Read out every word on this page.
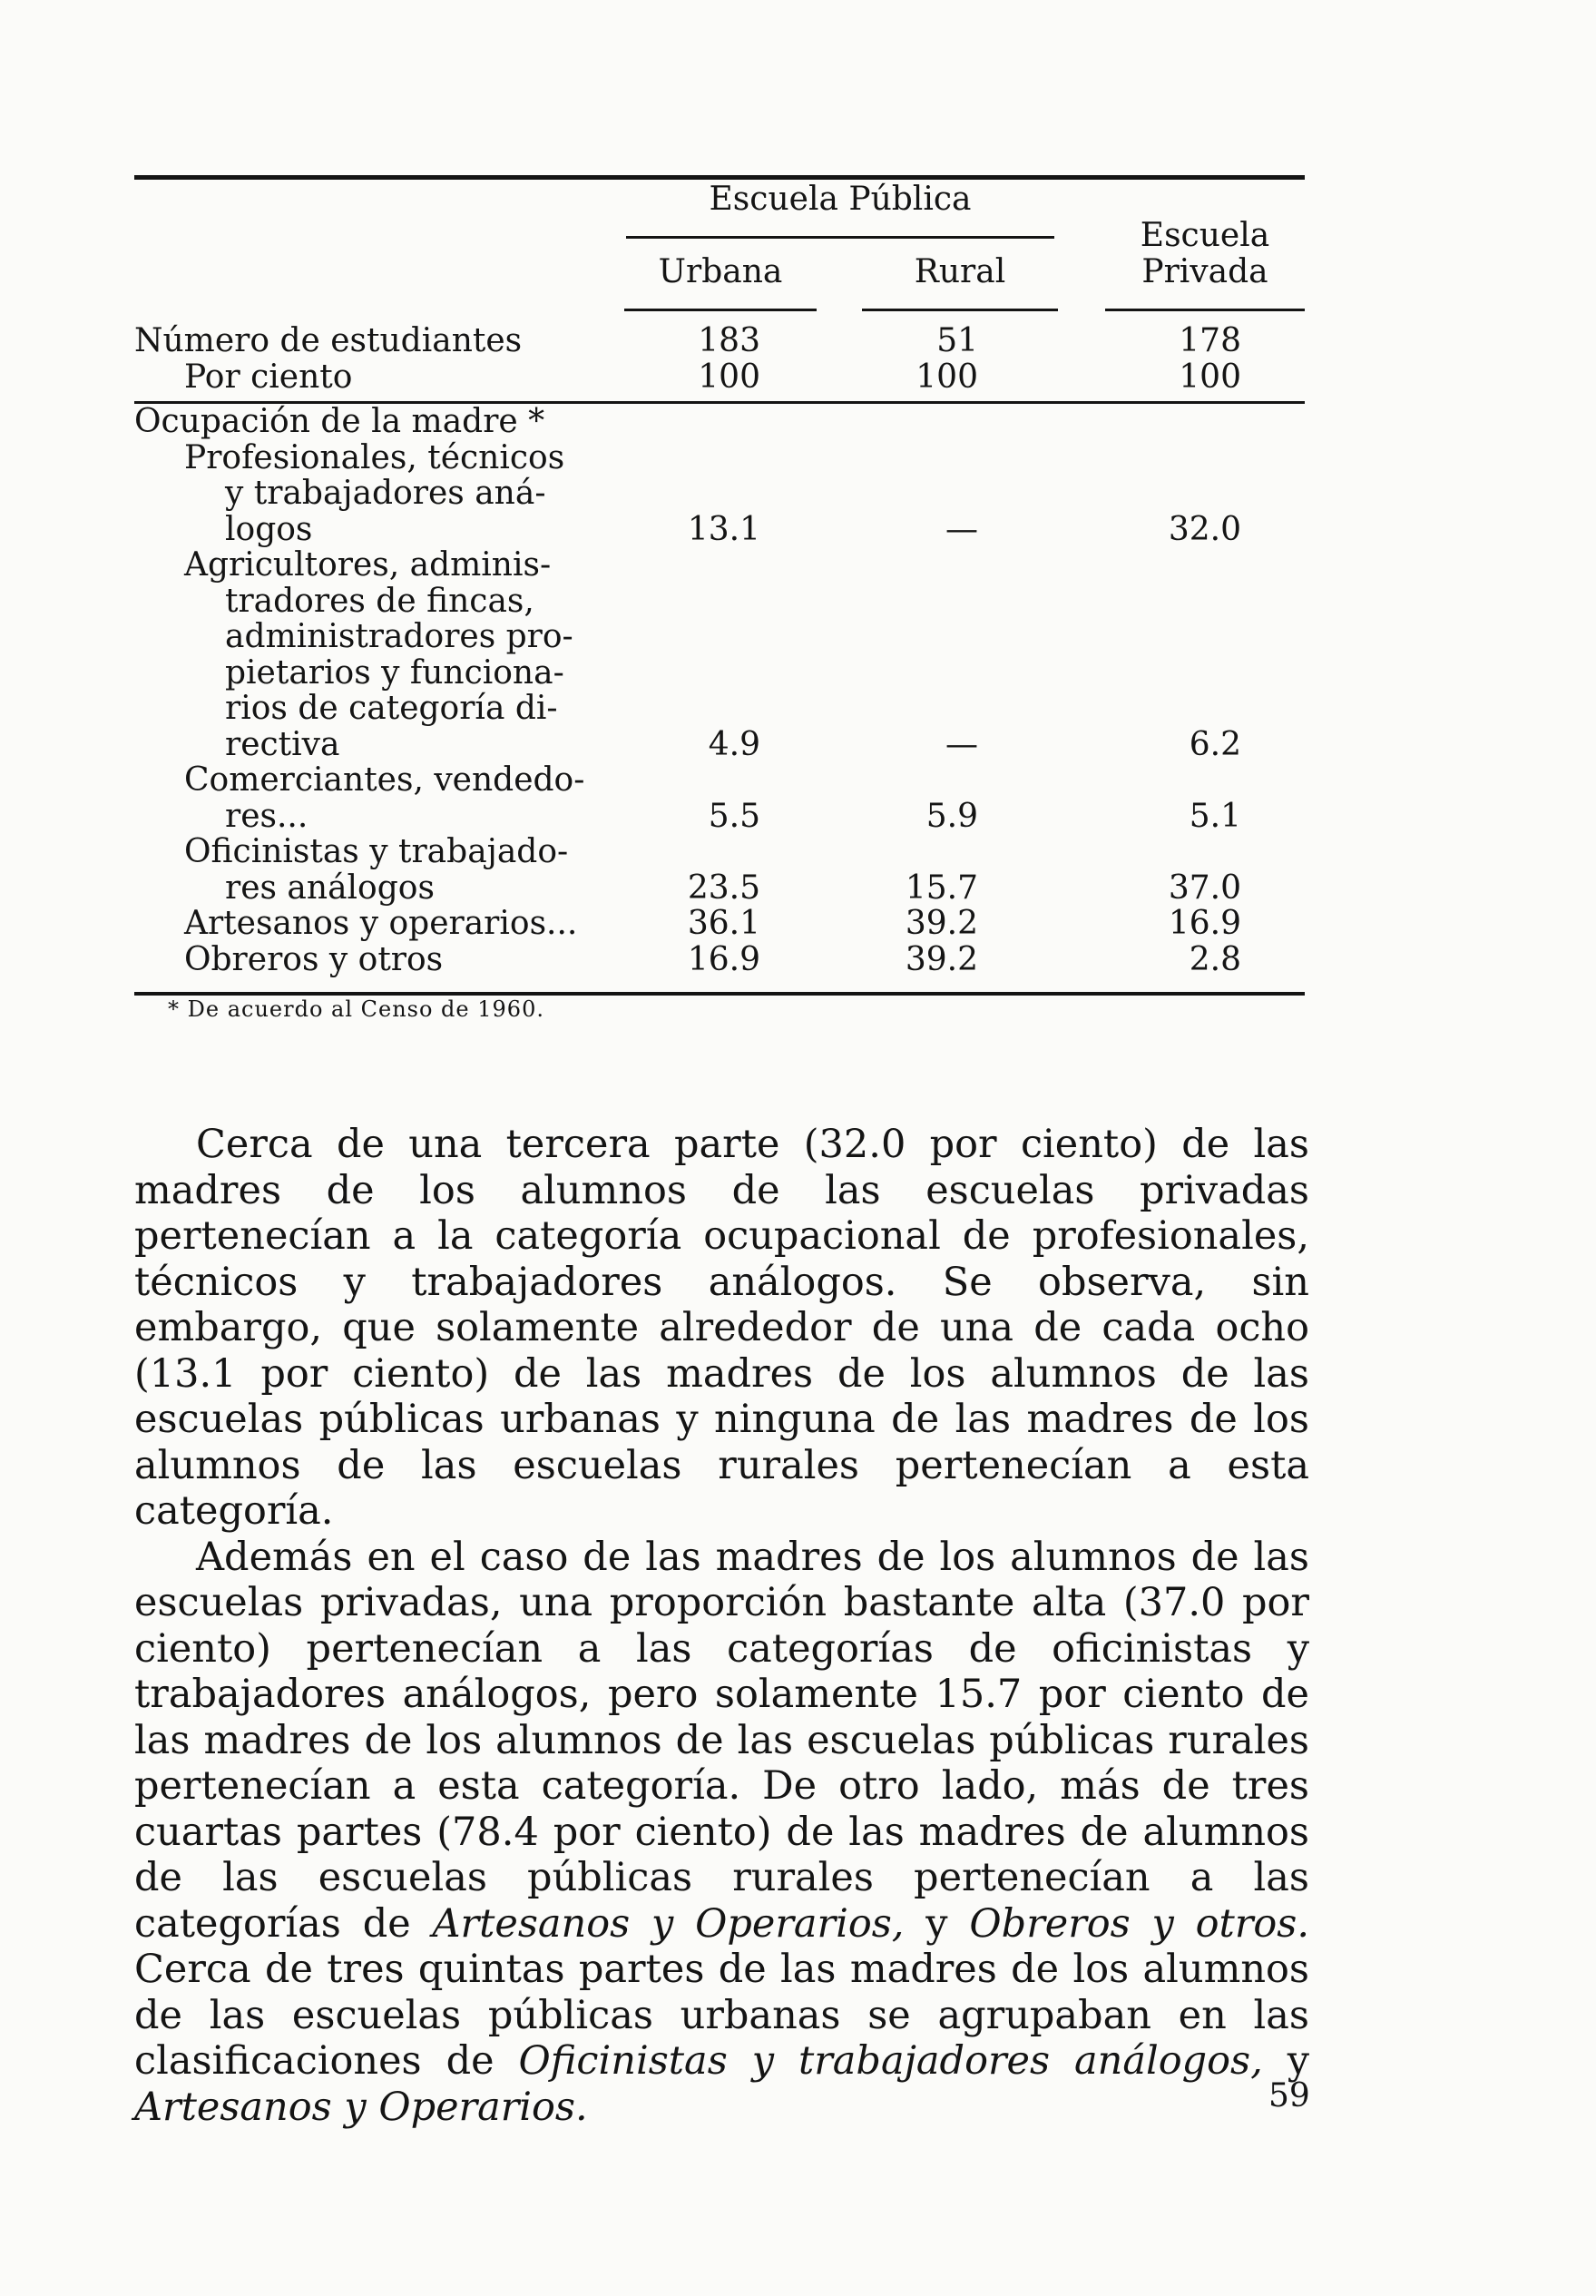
Escuela Pública
Urbana	Rural
Escuela
Privada
Número de estudiantes	183	51	178
Por ciento	100	100	100
Ocupación de la madre *
Profesionales, técnicos
y trabajadores aná-
logos	13.1	—	32.0
Agricultores, adminis-
tradores de fincas,
administradores pro-
pietarios y funciona-
rios de categoría di-
rectiva	4.9	—	6.2
Comerciantes, vendedo-
res...	5.5	5.9	5.1
Oficinistas y trabajado-
res análogos	23.5	15.7	37.0
Artesanos y operarios...	36.1	39.2	16.9
Obreros y otros	16.9	39.2	2.8
* De acuerdo al Censo de 1960.

Cerca de una tercera parte (32.0 por ciento) de las madres de los alumnos de las escuelas privadas pertenecían a la categoría ocupacional de profesionales, técnicos y trabajadores análogos. Se observa, sin embargo, que solamente alrededor de una de cada ocho (13.1 por ciento) de las madres de los alumnos de las escuelas públicas urbanas y ninguna de las madres de los alumnos de las escuelas rurales pertenecían a esta categoría.

Además en el caso de las madres de los alumnos de las escuelas privadas, una proporción bastante alta (37.0 por ciento) pertenecían a las categorías de oficinistas y trabajadores análogos, pero solamente 15.7 por ciento de las madres de los alumnos de las escuelas públicas rurales pertenecían a esta categoría. De otro lado, más de tres cuartas partes (78.4 por ciento) de las madres de alumnos de las escuelas públicas rurales pertenecían a las categorías de Artesanos y Operarios, y Obreros y otros. Cerca de tres quintas partes de las madres de los alumnos de las escuelas públicas urbanas se agrupaban en las clasificaciones de Oficinistas y trabajadores análogos, y Artesanos y Operarios.	59
